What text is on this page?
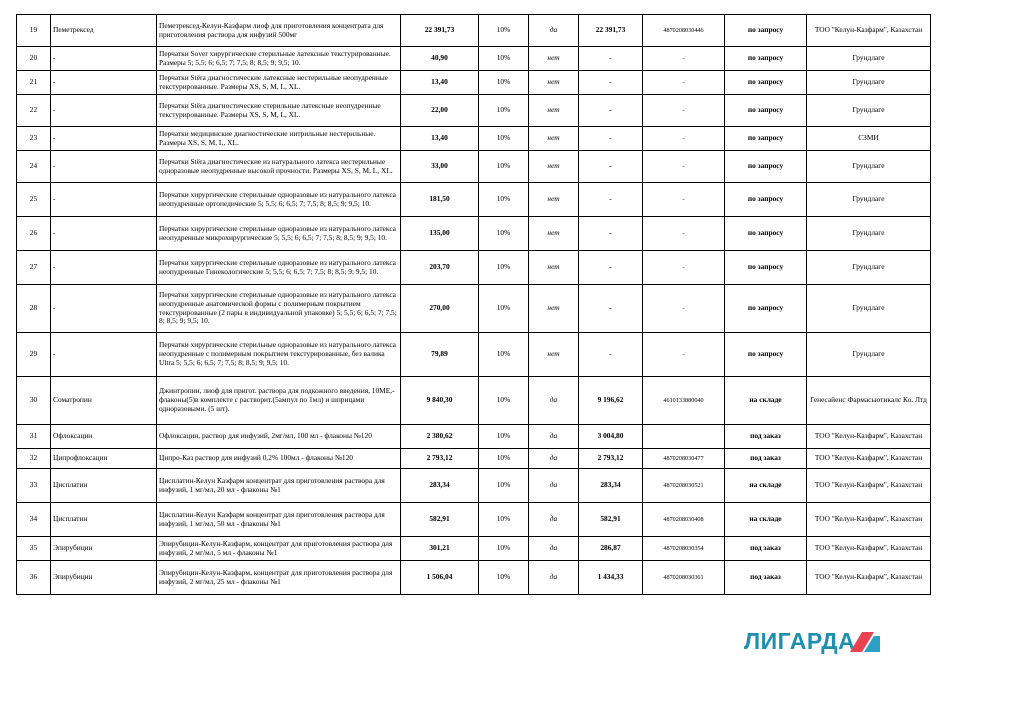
19	Пеметрексед	Пеметрексед-Келун-Казфарм лиоф для приготовления концентрата для приготовления раствора для инфузий 500мг	22 391,73	10%	да	22 391,73	4870208030446	по запросу	ТОО "Келун-Казфарм", Казахстан
20	-	Перчатки Sover хирургические стерильные латексные текстурированные. Размеры 5; 5,5; 6; 6,5; 7; 7,5; 8; 8,5; 9; 9,5; 10.	40,90	10%	нет	-	-	по запросу	Грундлаге
21	-	Перчатки Stёra диагностические латексные нестерильные неопудренные текстурированные. Размеры XS, S, M, L, XL.	13,40	10%	нет	-	-	по запросу	Грундлаге
22	-	Перчатки Stёra диагностические стерильные латексные неопудренные текстурированные. Размеры XS, S, M, L, XL.	22,00	10%	нет	-	-	по запросу	Грундлаге
23	-	Перчатки медицинские диагностические нитрильные нестерильные. Размеры XS, S, M, L, XL.	13,40	10%	нет	-	-	по запросу	СЗМИ
24	-	Перчатки Stёra диагностические из натурального латекса нестерильные одноразовые неопудренные высокой прочности. Размеры XS, S, M, L, XL.	33,00	10%	нет	-	-	по запросу	Грундлаге
25	-	Перчатки хирургические стерильные одноразовые из натурального латекса неопудренные ортопедические 5; 5,5; 6; 6,5; 7; 7,5; 8; 8,5; 9; 9,5; 10.	181,50	10%	нет	-	-	по запросу	Грундлаге
26	-	Перчатки хирургические стерильные одноразовые из натурального латекса неопудренные микрохирургические 5; 5,5; 6; 6,5; 7; 7,5; 8; 8,5; 9; 9,5; 10.	135,00	10%	нет	-	-	по запросу	Грундлаге
27	-	Перчатки хирургические стерильные одноразовые из натурального латекса неопудренные Гинекологические 5; 5,5; 6; 6,5; 7; 7,5; 8; 8,5; 9; 9,5; 10.	203,70	10%	нет	-	-	по запросу	Грундлаге
28	-	Перчатки хирургические стерильные одноразовые из натурального латекса неопудренные анатомической формы с полимерным покрытием текстурированные (2 пары в индивидуальной упаковке) 5; 5,5; 6; 6,5; 7; 7,5; 8; 8,5; 9; 9,5; 10.	270,00	10%	нет	-	-	по запросу	Грундлаге
29	-	Перчатки хирургические стерильные одноразовые из натурального латекса неопудренные с полимерным покрытием текстурированные, без валика Ultra 5; 5,5; 6; 6,5; 7; 7,5; 8; 8,5; 9; 9,5; 10.	79,89	10%	нет	-	-	по запросу	Грундлаге
30	Соматропин	Джинтропин, лиоф для пригот. раствора для подкожного введения, 10МЕ,-флаконы(5)в комплекте с растворит.(5ампул по 1мл) и шприцами одноразовыми. (5 шт).	9 840,30	10%	да	9 196,62	4610133880040	на складе	Генесайенс Фармасьютикалс Ко. Лтд
31	Офлоксацин	Офлоксацин, раствор для инфузий, 2мг/мл, 100 мл - флаконы №120	2 380,62	10%	да	3 004,80		под заказ	ТОО "Келун-Казфарм", Казахстан
32	Ципрофлоксацин	Ципро-Каз раствор для инфузий 0,2% 100мл - флаконы №120	2 793,12	10%	да	2 793,12	4870208030477	под заказ	ТОО "Келун-Казфарм", Казахстан
33	Цисплатин	Цисплатин-Келун Казфарм концентрат для приготовления раствора для инфузий, 1 мг/мл, 20 мл - флаконы №1	283,34	10%	да	283,34	4870208030521	на складе	ТОО "Келун-Казфарм", Казахстан
34	Цисплатин	Цисплатин-Келун Казфарм концентрат для приготовления раствора для инфузий, 1 мг/мл, 50 мл - флаконы №1	582,91	10%	да	582,91	4870208030408	на складе	ТОО "Келун-Казфарм", Казахстан
35	Эпирубицин	Эпирубицин-Келун-Казфарм, концентрат для приготовления раствора для инфузий, 2 мг/мл, 5 мл - флаконы №1	301,21	10%	да	286,87	4870208030354	под заказ	ТОО "Келун-Казфарм", Казахстан
36	Эпирубицин	Эпирубицин-Келун-Казфарм, концентрат для приготовления раствора для инфузий, 2 мг/мл, 25 мл - флаконы №1	1 506,04	10%	да	1 434,33	4870208030361	под заказ	ТОО "Келун-Казфарм", Казахстан
ЛИГАРДА
